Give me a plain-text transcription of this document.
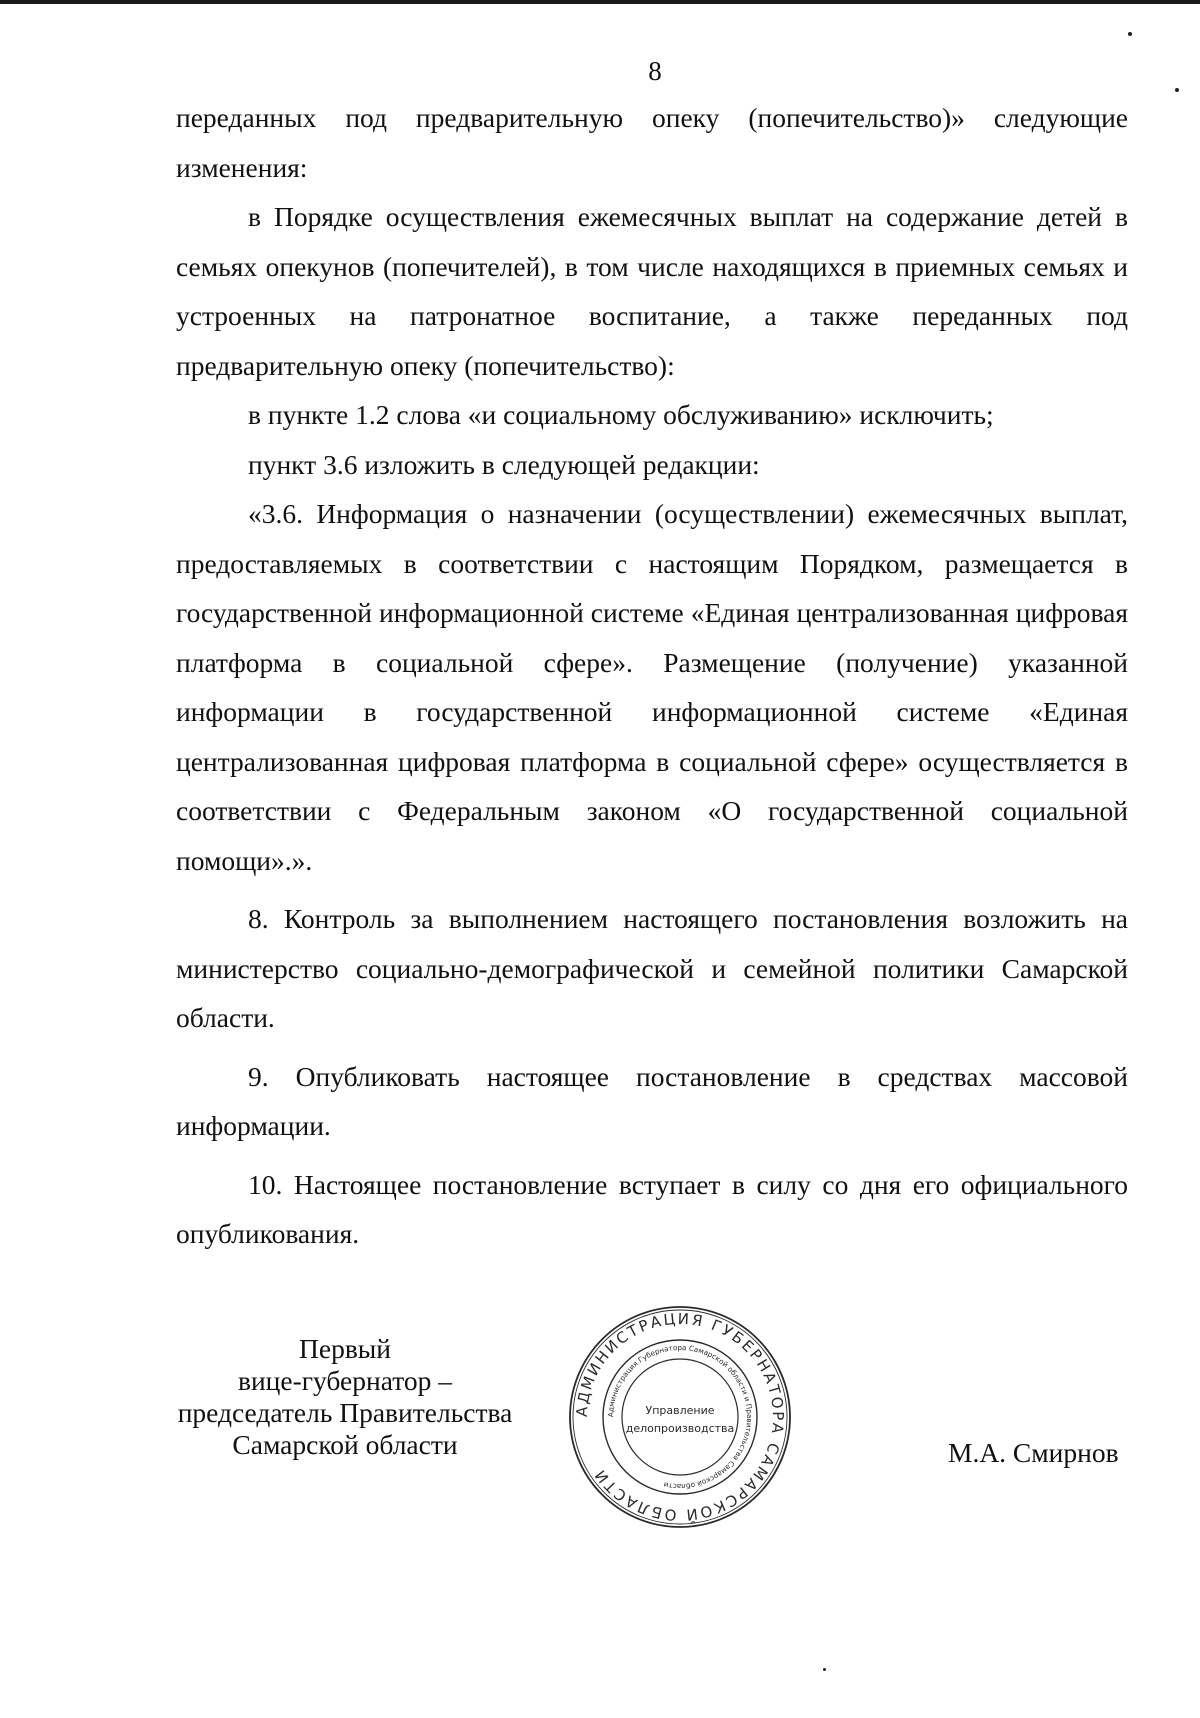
8

переданных под предварительную опеку (попечительство)» следующие изменения:

в Порядке осуществления ежемесячных выплат на содержание детей в семьях опекунов (попечителей), в том числе находящихся в приемных семьях и устроенных на патронатное воспитание, а также переданных под предварительную опеку (попечительство):

в пункте 1.2 слова «и социальному обслуживанию» исключить;

пункт 3.6 изложить в следующей редакции:

«3.6. Информация о назначении (осуществлении) ежемесячных выплат, предоставляемых в соответствии с настоящим Порядком, размещается в государственной информационной системе «Единая централизованная цифровая платформа в социальной сфере». Размещение (получение) указанной информации в государственной информационной системе «Единая централизованная цифровая платформа в социальной сфере» осуществляется в соответствии с Федеральным законом «О государственной социальной помощи».».

8. Контроль за выполнением настоящего постановления возложить на министерство социально-демографической и семейной политики Самарской области.

9. Опубликовать настоящее постановление в средствах массовой информации.

10. Настоящее постановление вступает в силу со дня его официального опубликования.

Первый
вице-губернатор –
председатель Правительства
Самарской области
АДМИНИСТРАЦИЯ ГУБЕРНАТОРА САМАРСКОЙ ОБЛАСТИ
Администрация Губернатора Самарской области и Правительства Самарской области
Управление
делопроизводства
М.А. Смирнов
